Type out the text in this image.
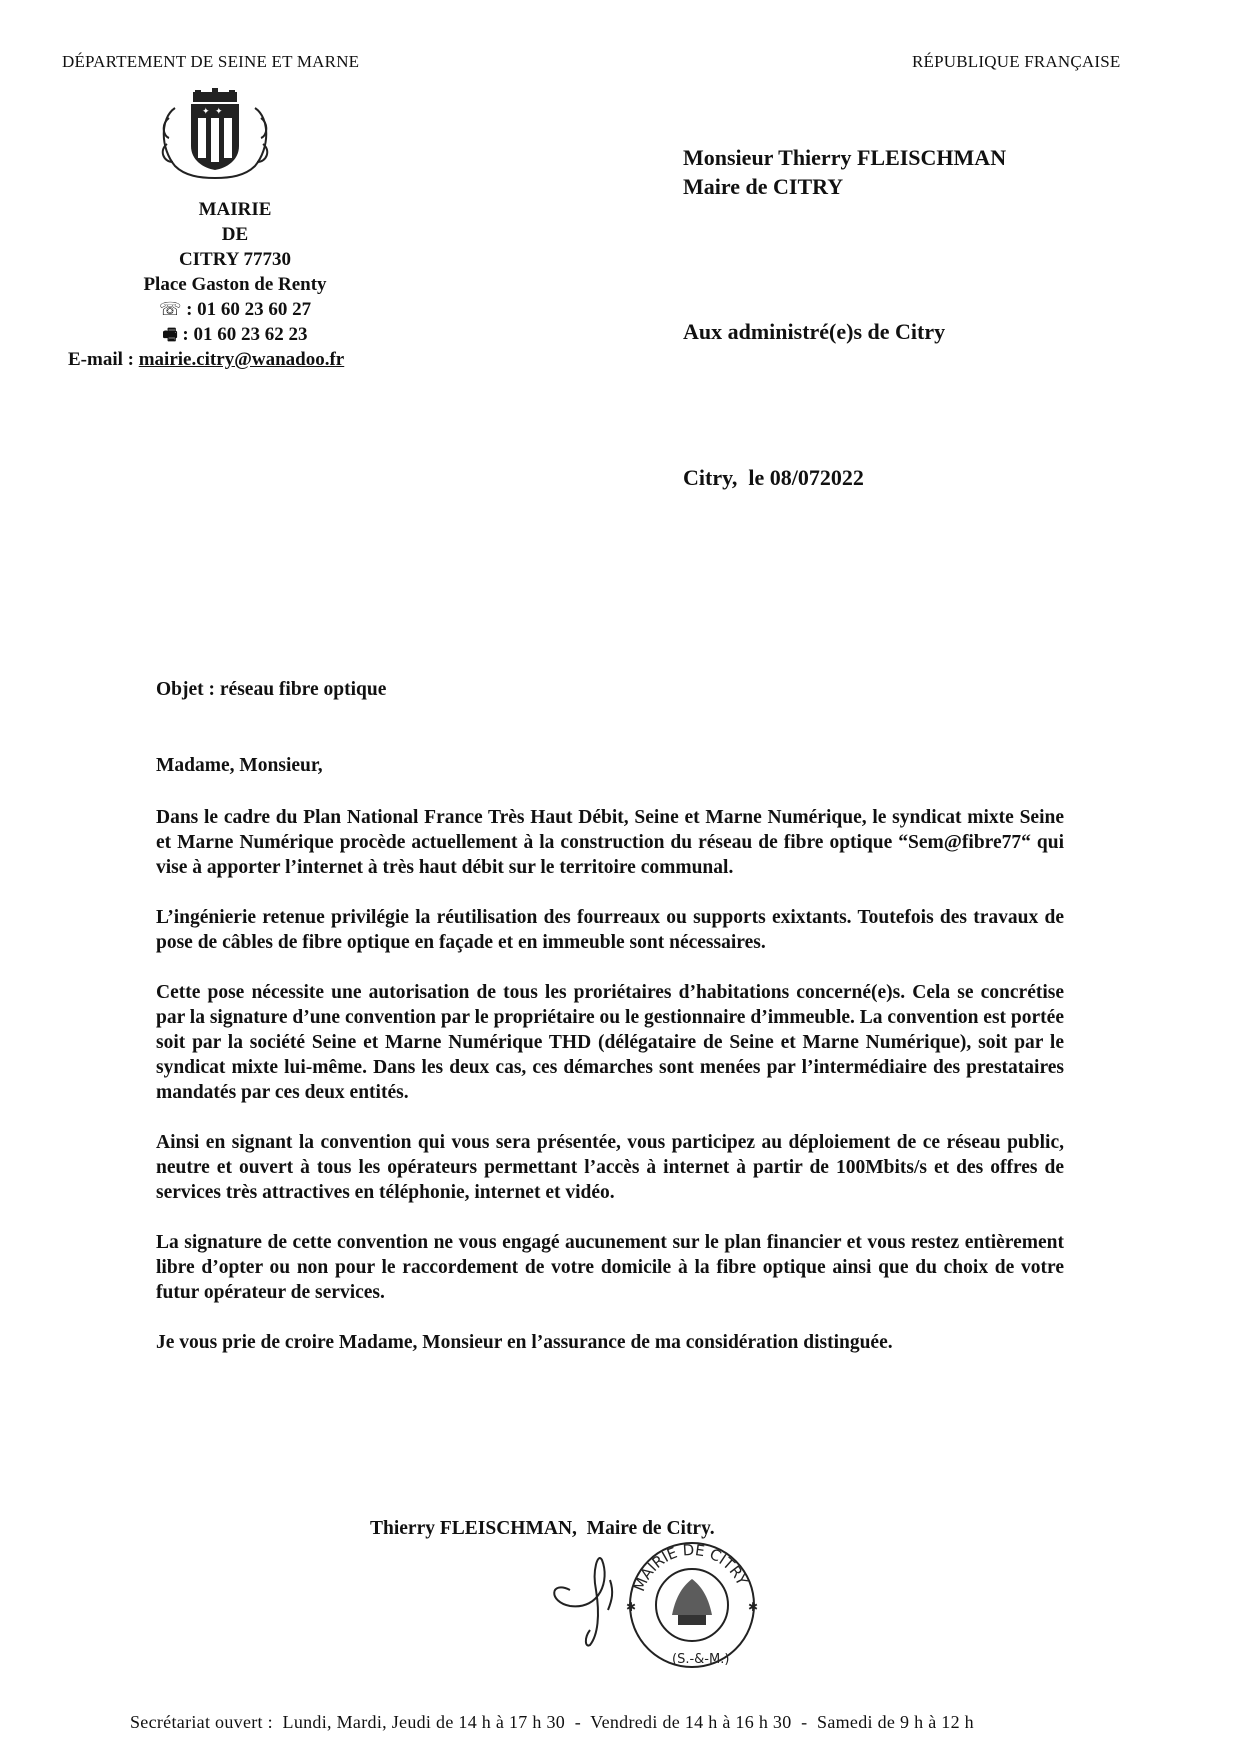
DÉPARTEMENT DE SEINE ET MARNE	RÉPUBLIQUE FRANÇAISE
✦ ✦
MAIRIE
DE
CITRY 77730
Place Gaston de Renty
☏ : 01 60 23 60 27
🖷 : 01 60 23 62 23
E-mail : mairie.citry@wanadoo.fr
Monsieur Thierry FLEISCHMAN
Maire de CITRY
Aux administré(e)s de Citry
Citry,  le 08/072022
Objet : réseau fibre optique
Madame, Monsieur,

Dans le cadre du Plan National France Très Haut Débit, Seine et Marne Numérique, le syndicat mixte Seine et Marne Numérique procède actuellement à la construction du réseau de fibre optique “Sem@fibre77“ qui vise à apporter l’internet à très haut débit sur le territoire communal.

L’ingénierie retenue privilégie la réutilisation des fourreaux ou supports exixtants. Toutefois des travaux de pose de câbles de fibre optique en façade et en immeuble sont nécessaires.

Cette pose nécessite une autorisation de tous les proriétaires d’habitations concerné(e)s. Cela se concrétise par la signature d’une convention par le propriétaire ou le gestionnaire d’immeuble. La convention est portée soit par la société Seine et Marne Numérique THD (délégataire de Seine et Marne Numérique), soit par le syndicat mixte lui-même. Dans les deux cas, ces démarches sont menées par l’intermédiaire des prestataires mandatés par ces deux entités.

Ainsi en signant la convention qui vous sera présentée, vous participez au déploiement de ce réseau public, neutre et ouvert à tous les opérateurs permettant l’accès à internet à partir de 100Mbits/s et des offres de services très attractives en téléphonie, internet et vidéo.

La signature de cette convention ne vous engagé aucunement sur le plan financier et vous restez entièrement libre d’opter ou non pour le raccordement de votre domicile à la fibre optique ainsi que du choix de votre futur opérateur de services.

Je vous prie de croire Madame, Monsieur en l’assurance de ma considération distinguée.

Thierry FLEISCHMAN,  Maire de Citry.
MAIRIE DE CITRY
(S.-&-M.)
✱	✱
Secrétariat ouvert :  Lundi, Mardi, Jeudi de 14 h à 17 h 30  -  Vendredi de 14 h à 16 h 30  -  Samedi de 9 h à 12 h
